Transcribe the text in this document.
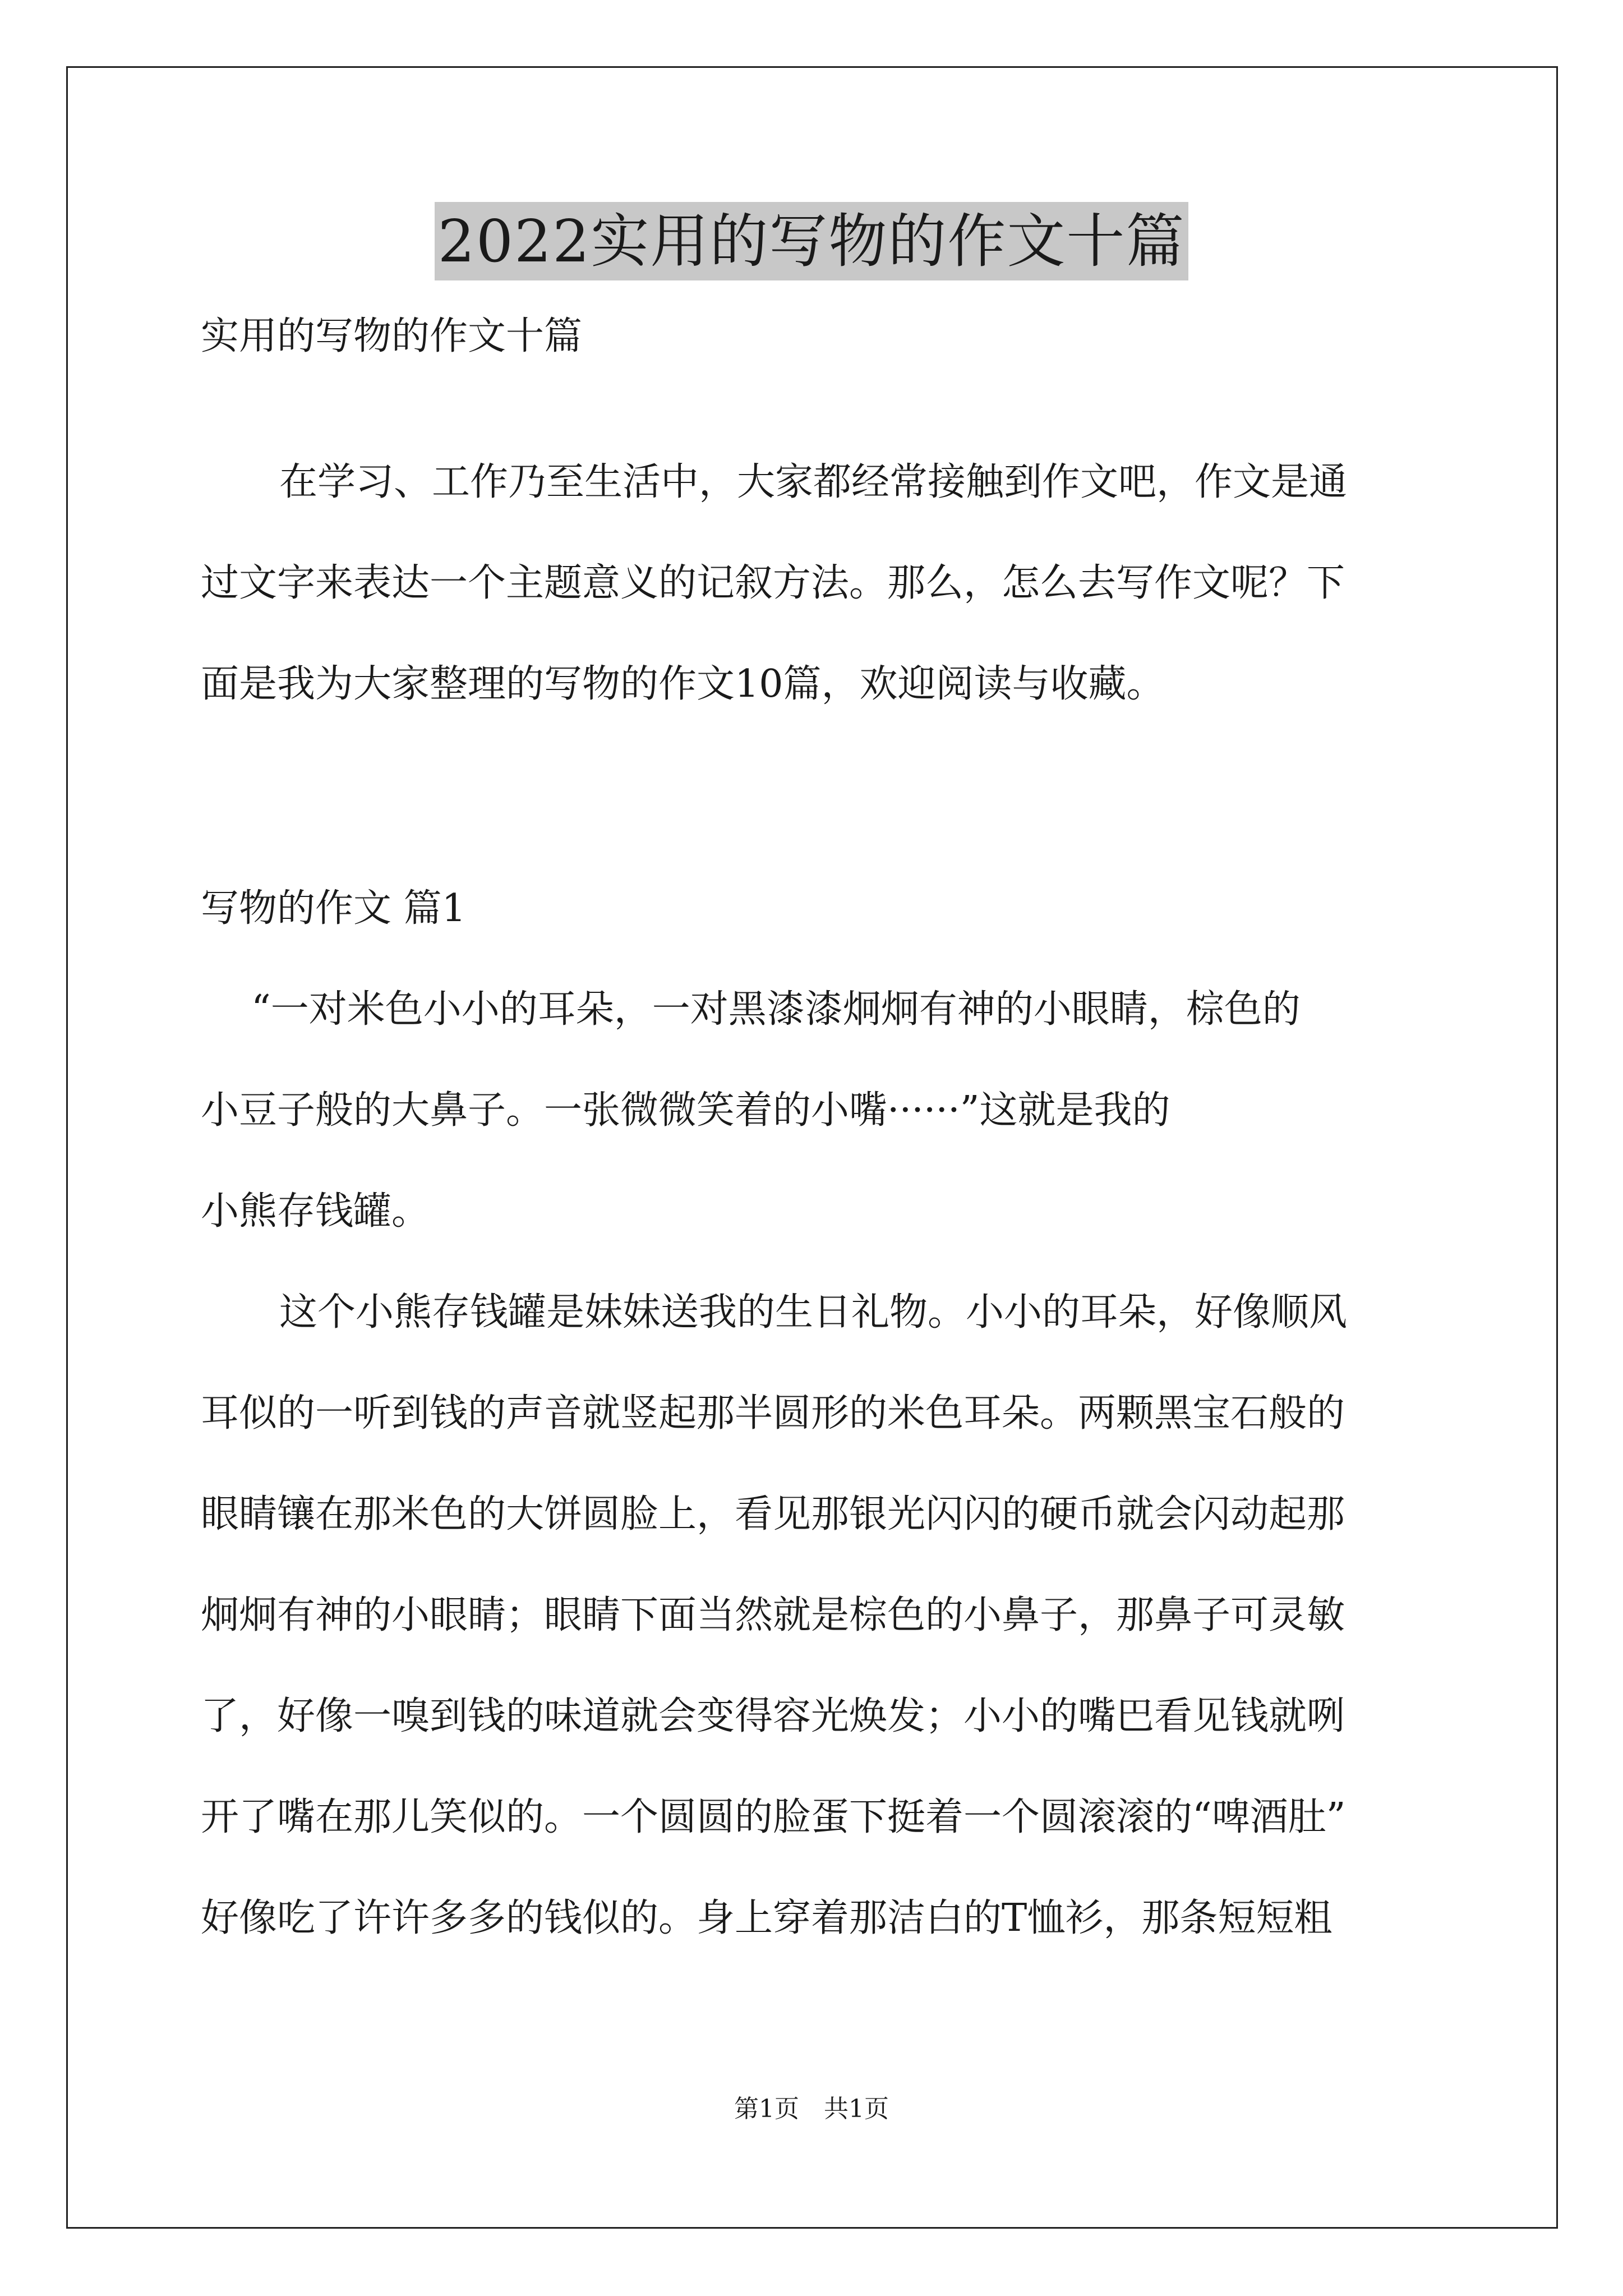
2022实用的写物的作文十篇
实用的写物的作文十篇
在学习、工作乃至生活中，大家都经常接触到作文吧，作文是通
过文字来表达一个主题意义的记叙方法。那么，怎么去写作文呢？下
面是我为大家整理的写物的作文10篇，欢迎阅读与收藏。
写物的作文 篇1
“一对米色小小的耳朵，一对黑漆漆炯炯有神的小眼睛，棕色的
小豆子般的大鼻子。一张微微笑着的小嘴······”这就是我的
小熊存钱罐。
这个小熊存钱罐是妹妹送我的生日礼物。小小的耳朵，好像顺风
耳似的一听到钱的声音就竖起那半圆形的米色耳朵。两颗黑宝石般的
眼睛镶在那米色的大饼圆脸上，看见那银光闪闪的硬币就会闪动起那
炯炯有神的小眼睛；眼睛下面当然就是棕色的小鼻子，那鼻子可灵敏
了，好像一嗅到钱的味道就会变得容光焕发；小小的嘴巴看见钱就咧
开了嘴在那儿笑似的。一个圆圆的脸蛋下挺着一个圆滚滚的“啤酒肚”
好像吃了许许多多的钱似的。身上穿着那洁白的T恤衫，那条短短粗
第1页　共1页
